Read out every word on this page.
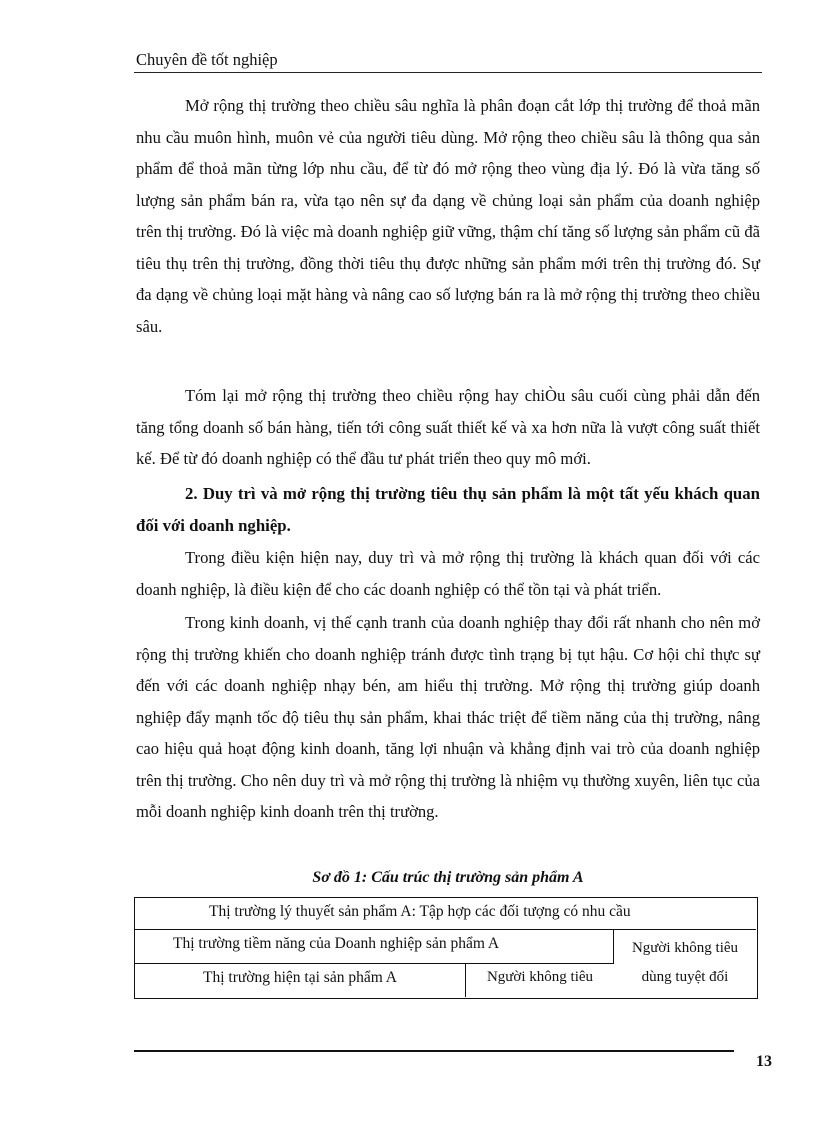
Chuyên đề tốt nghiệp

Mở rộng thị trường theo chiều sâu nghĩa là phân đoạn cắt lớp thị trường để thoả mãn nhu cầu muôn hình, muôn vẻ của người tiêu dùng. Mở rộng theo chiều sâu là thông qua sản phẩm để thoả mãn từng lớp nhu cầu, để từ đó mở rộng theo vùng địa lý. Đó là vừa tăng số lượng sản phẩm bán ra, vừa tạo nên sự đa dạng về chủng loại sản phẩm của doanh nghiệp trên thị trường. Đó là việc mà doanh nghiệp giữ vững, thậm chí tăng số lượng sản phẩm cũ đã tiêu thụ trên thị trường, đồng thời tiêu thụ được những sản phẩm mới trên thị trường đó. Sự đa dạng về chủng loại mặt hàng và nâng cao số lượng bán ra là mở rộng thị trường theo chiều sâu.

Tóm lại mở rộng thị trường theo chiều rộng hay chiÒu sâu cuối cùng phải dẫn đến tăng tổng doanh số bán hàng, tiến tới công suất thiết kế và xa hơn nữa là vượt công suất thiết kế. Để từ đó doanh nghiệp có thể đầu tư phát triển theo quy mô mới.

2. Duy trì và mở rộng thị trường tiêu thụ sản phẩm là một tất yếu khách quan đối với doanh nghiệp.

Trong điều kiện hiện nay, duy trì và mở rộng thị trường là khách quan đối với các doanh nghiệp, là điều kiện để cho các doanh nghiệp có thể tồn tại và phát triển.

Trong kinh doanh, vị thế cạnh tranh của doanh nghiệp thay đổi rất nhanh cho nên mở rộng thị trường khiến cho doanh nghiệp tránh được tình trạng bị tụt hậu. Cơ hội chỉ thực sự đến với các doanh nghiệp nhạy bén, am hiểu thị trường. Mở rộng thị trường giúp doanh nghiệp đẩy mạnh tốc độ tiêu thụ sản phẩm, khai thác triệt để tiềm năng của thị trường, nâng cao hiệu quả hoạt động kinh doanh, tăng lợi nhuận và khẳng định vai trò của doanh nghiệp trên thị trường. Cho nên duy trì và mở rộng thị trường là nhiệm vụ thường xuyên, liên tục của mỗi doanh nghiệp kinh doanh trên thị trường.

Sơ đồ 1: Cấu trúc thị trường sản phẩm A
Thị trường lý thuyết sản phẩm A: Tập hợp các đối tượng có nhu cầu
Thị trường tiềm năng của Doanh nghiệp sản phẩm A	Người không tiêu
dùng tuyệt đối
Thị trường hiện tại sản phẩm A	Người không tiêu
13
